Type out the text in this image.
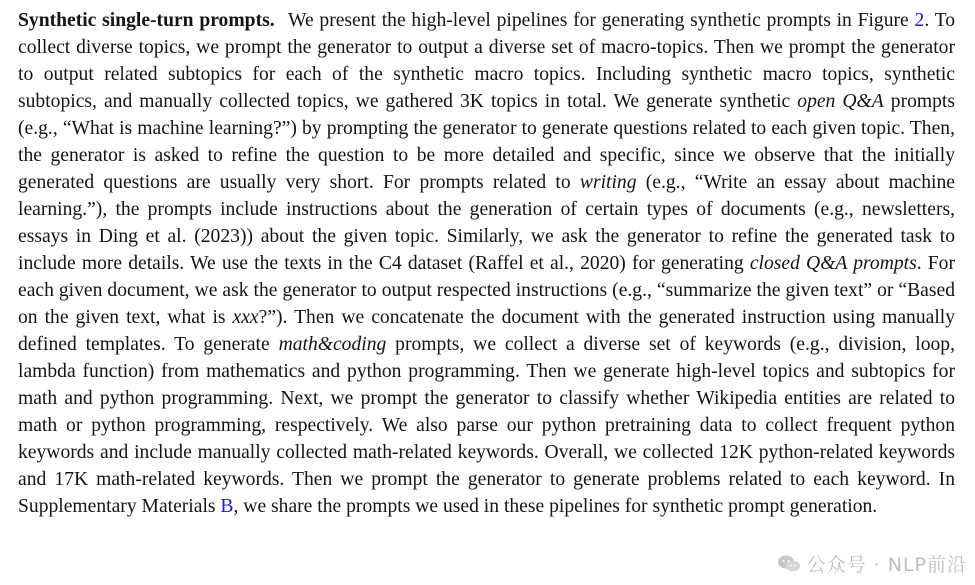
Synthetic single-turn prompts. We present the high-level pipelines for generating synthetic prompts in Figure 2. To collect diverse topics, we prompt the generator to output a diverse set of macro-topics. Then we prompt the generator to output related subtopics for each of the synthetic macro topics. Including synthetic macro topics, synthetic subtopics, and manually collected topics, we gathered 3K topics in total. We generate synthetic open Q&A prompts (e.g., “What is machine learning?”) by prompting the generator to generate questions related to each given topic. Then, the generator is asked to refine the question to be more detailed and specific, since we observe that the initially generated questions are usually very short. For prompts related to writing (e.g., “Write an essay about machine learning.”), the prompts include instructions about the generation of certain types of documents (e.g., newsletters, essays in Ding et al. (2023)) about the given topic. Similarly, we ask the generator to refine the generated task to include more details. We use the texts in the C4 dataset (Raffel et al., 2020) for generating closed Q&A prompts. For each given document, we ask the generator to output respected instructions (e.g., “summarize the given text” or “Based on the given text, what is xxx?”). Then we concatenate the document with the generated instruction using manually defined templates. To generate math&coding prompts, we collect a diverse set of keywords (e.g., division, loop, lambda function) from mathematics and python programming. Then we generate high-level topics and subtopics for math and python programming. Next, we prompt the generator to classify whether Wikipedia entities are related to math or python programming, respectively. We also parse our python pretraining data to collect frequent python keywords and include manually collected math-related keywords. Overall, we collected 12K python-related keywords and 17K math-related keywords. Then we prompt the generator to generate problems related to each keyword. In Supplementary Materials B, we share the prompts we used in these pipelines for synthetic prompt generation.

公众号 · NLP前沿
